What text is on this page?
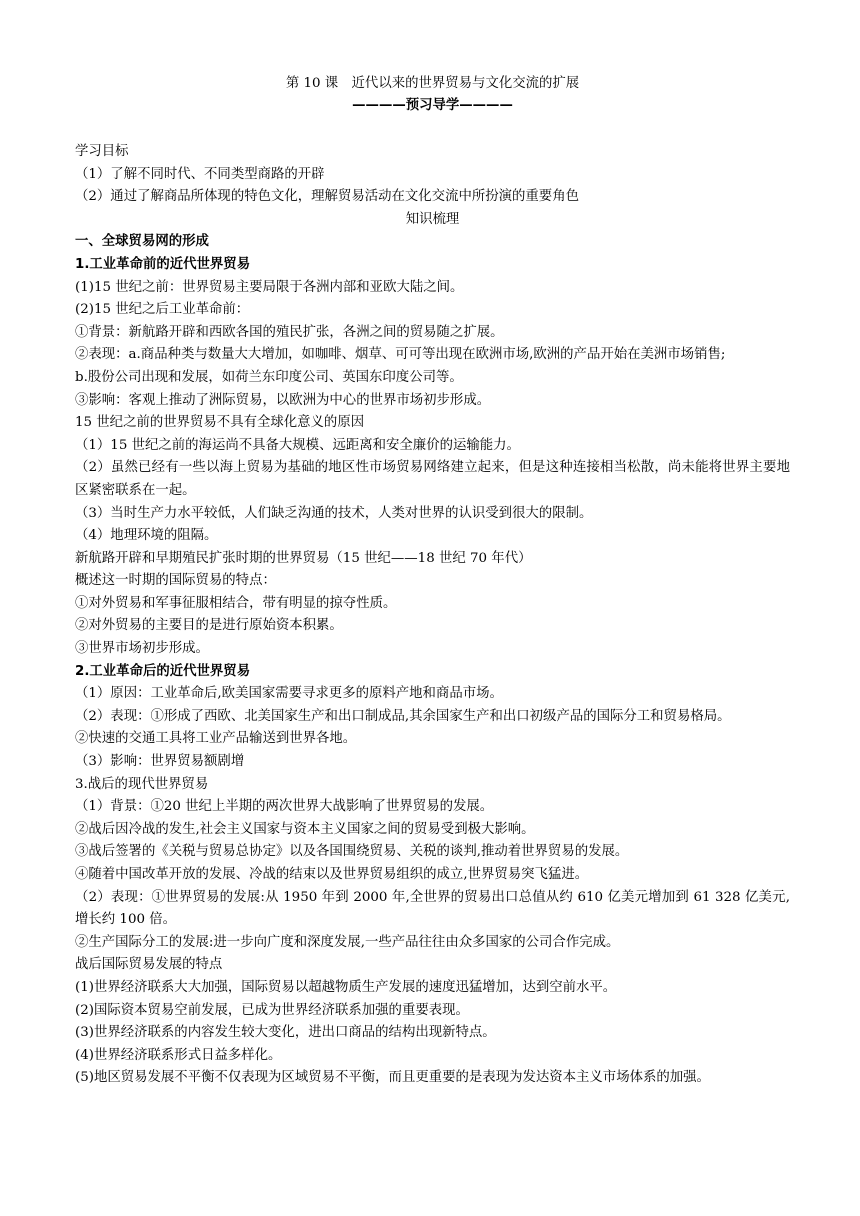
第 10 课　近代以来的世界贸易与文化交流的扩展
————预习导学————
学习目标
（1）了解不同时代、不同类型商路的开辟
（2）通过了解商品所体现的特色文化，理解贸易活动在文化交流中所扮演的重要角色
知识梳理
一、全球贸易网的形成
1.工业革命前的近代世界贸易
(1)15 世纪之前：世界贸易主要局限于各洲内部和亚欧大陆之间。
(2)15 世纪之后工业革命前：
①背景：新航路开辟和西欧各国的殖民扩张，各洲之间的贸易随之扩展。
②表现：a.商品种类与数量大大增加，如咖啡、烟草、可可等出现在欧洲市场,欧洲的产品开始在美洲市场销售;
b.股份公司出现和发展，如荷兰东印度公司、英国东印度公司等。
③影响：客观上推动了洲际贸易，以欧洲为中心的世界市场初步形成。
15 世纪之前的世界贸易不具有全球化意义的原因
（1）15 世纪之前的海运尚不具备大规模、远距离和安全廉价的运输能力。
（2）虽然已经有一些以海上贸易为基础的地区性市场贸易网络建立起来，但是这种连接相当松散，尚未能将世界主要地区紧密联系在一起。
（3）当时生产力水平较低，人们缺乏沟通的技术，人类对世界的认识受到很大的限制。
（4）地理环境的阻隔。
新航路开辟和早期殖民扩张时期的世界贸易（15 世纪——18 世纪 70 年代）
概述这一时期的国际贸易的特点：
①对外贸易和军事征服相结合，带有明显的掠夺性质。
②对外贸易的主要目的是进行原始资本积累。
③世界市场初步形成。
2.工业革命后的近代世界贸易
（1）原因：工业革命后,欧美国家需要寻求更多的原料产地和商品市场。
（2）表现：①形成了西欧、北美国家生产和出口制成品,其余国家生产和出口初级产品的国际分工和贸易格局。
②快速的交通工具将工业产品输送到世界各地。
（3）影响：世界贸易额剧增
3.战后的现代世界贸易
（1）背景：①20 世纪上半期的两次世界大战影响了世界贸易的发展。
②战后因冷战的发生,社会主义国家与资本主义国家之间的贸易受到极大影响。
③战后签署的《关税与贸易总协定》以及各国围绕贸易、关税的谈判,推动着世界贸易的发展。
④随着中国改革开放的发展、冷战的结束以及世界贸易组织的成立,世界贸易突飞猛进。
（2）表现：①世界贸易的发展:从 1950 年到 2000 年,全世界的贸易出口总值从约 610 亿美元增加到 61 328 亿美元,增长约 100 倍。
②生产国际分工的发展:进一步向广度和深度发展,一些产品往往由众多国家的公司合作完成。
战后国际贸易发展的特点
(1)世界经济联系大大加强，国际贸易以超越物质生产发展的速度迅猛增加，达到空前水平。
(2)国际资本贸易空前发展，已成为世界经济联系加强的重要表现。
(3)世界经济联系的内容发生较大变化，进出口商品的结构出现新特点。
(4)世界经济联系形式日益多样化。
(5)地区贸易发展不平衡不仅表现为区域贸易不平衡，而且更重要的是表现为发达资本主义市场体系的加强。
